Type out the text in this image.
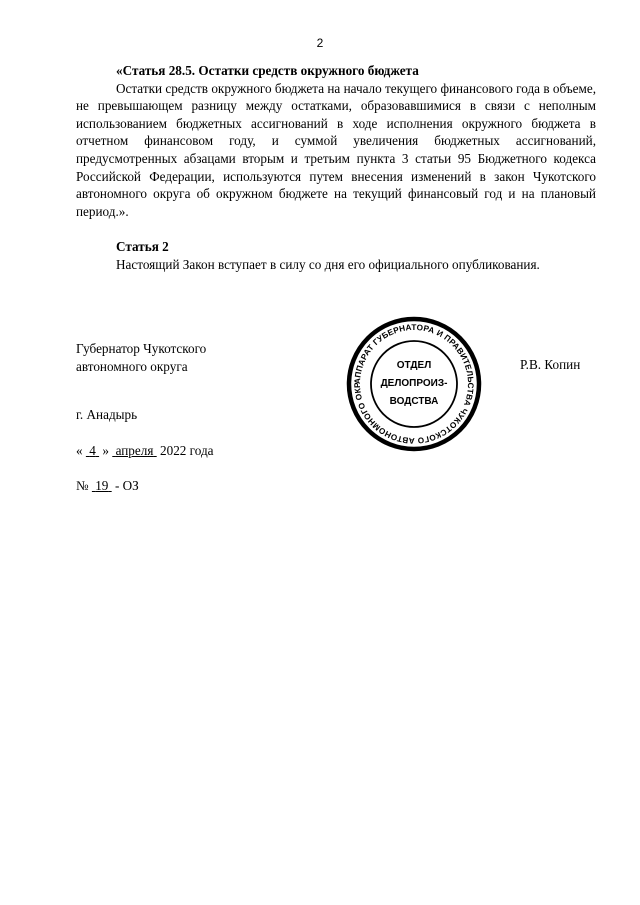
2

«Статья 28.5. Остатки средств окружного бюджета

Остатки средств окружного бюджета на начало текущего финансового года в объеме, не превышающем разницу между остатками, образовавшимися в связи с неполным использованием бюджетных ассигнований в ходе исполнения окружного бюджета в отчетном финансовом году, и суммой увеличения бюджетных ассигнований, предусмотренных абзацами вторым и третьим пункта 3 статьи 95 Бюджетного кодекса Российской Федерации, используются путем внесения изменений в закон Чукотского автономного округа об окружном бюджете на текущий финансовый год и на плановый период.».

Статья 2

Настоящий Закон вступает в силу со дня его официального опубликования.

Губернатор Чукотского
автономного округа
АППАРАТ ГУБЕРНАТОРА И ПРАВИТЕЛЬСТВА ЧУКОТСКОГО АВТОНОМНОГО ОКР
ОТДЕЛ
ДЕЛОПРОИЗ-
ВОДСТВА
Р.В. Копин
г. Анадырь
« 4 » апреля 2022 года
№ 19 - ОЗ
